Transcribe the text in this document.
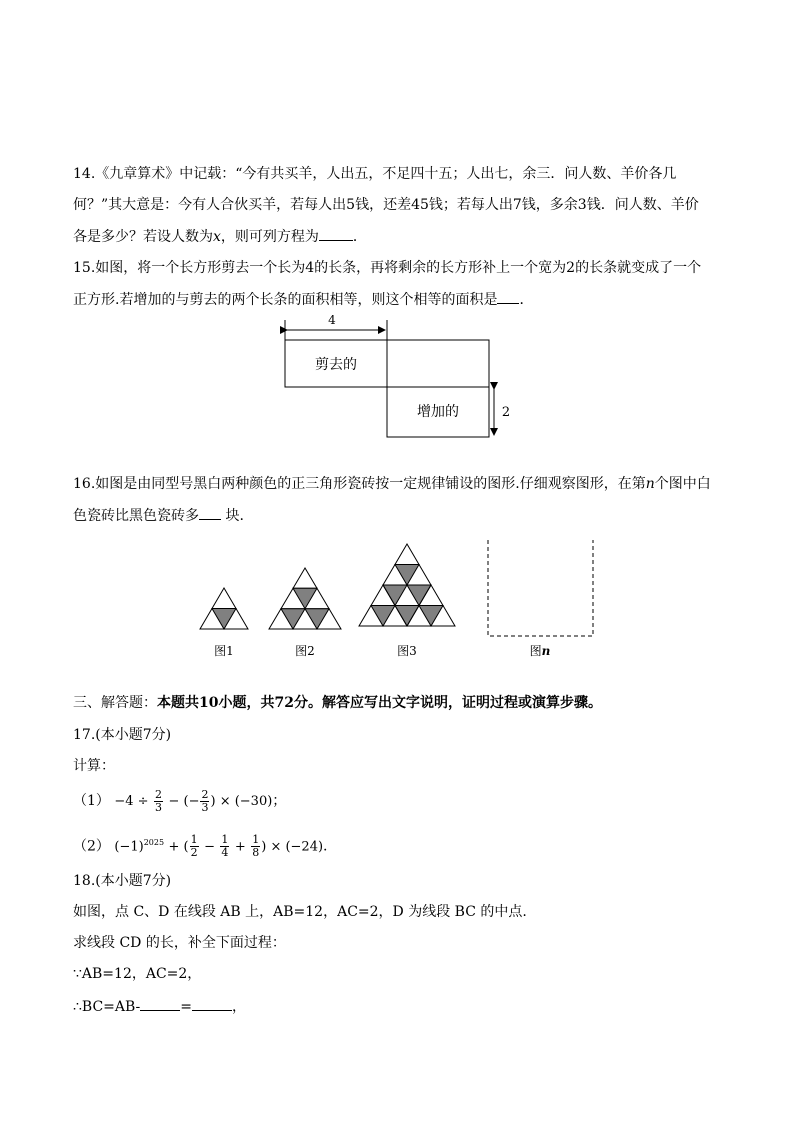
14.《九章算术》中记载：“今有共买羊，人出五，不足四十五；人出七，余三．问人数、羊价各几
何？”其大意是：今有人合伙买羊，若每人出5钱，还差45钱；若每人出7钱，多余3钱．问人数、羊价
各是多少？若设人数为x，则可列方程为 ．
15.如图，将一个长方形剪去一个长为4的长条，再将剩余的长方形补上一个宽为2的长条就变成了一个
正方形.若增加的与剪去的两个长条的面积相等，则这个相等的面积是 ．
4
剪去的
增加的	2
16.如图是由同型号黑白两种颜色的正三角形瓷砖按一定规律铺设的图形.仔细观察图形，在第n个图中白
色瓷砖比黑色瓷砖多 块.
图1	图2	图3	图n
三、解答题：本题共10小题，共72分。解答应写出文字说明，证明过程或演算步骤。
17.(本小题7分)
计算：
$(1) -4 \div \frac{2}{3}$ − (− $\frac{2}{3}$ ) × (−30)；
（2） $(-1)^{2025}$ + ( $\frac{1}{2} - \frac{1}{4} + \frac{1}{8}$ ) × (−24).
18.(本小题7分)
如图，点 C、D 在线段 AB 上，AB=12，AC=2，D 为线段 BC 的中点.
求线段 CD 的长，补全下面过程：
∵AB=12，AC=2，
∴BC=AB-	=	，
